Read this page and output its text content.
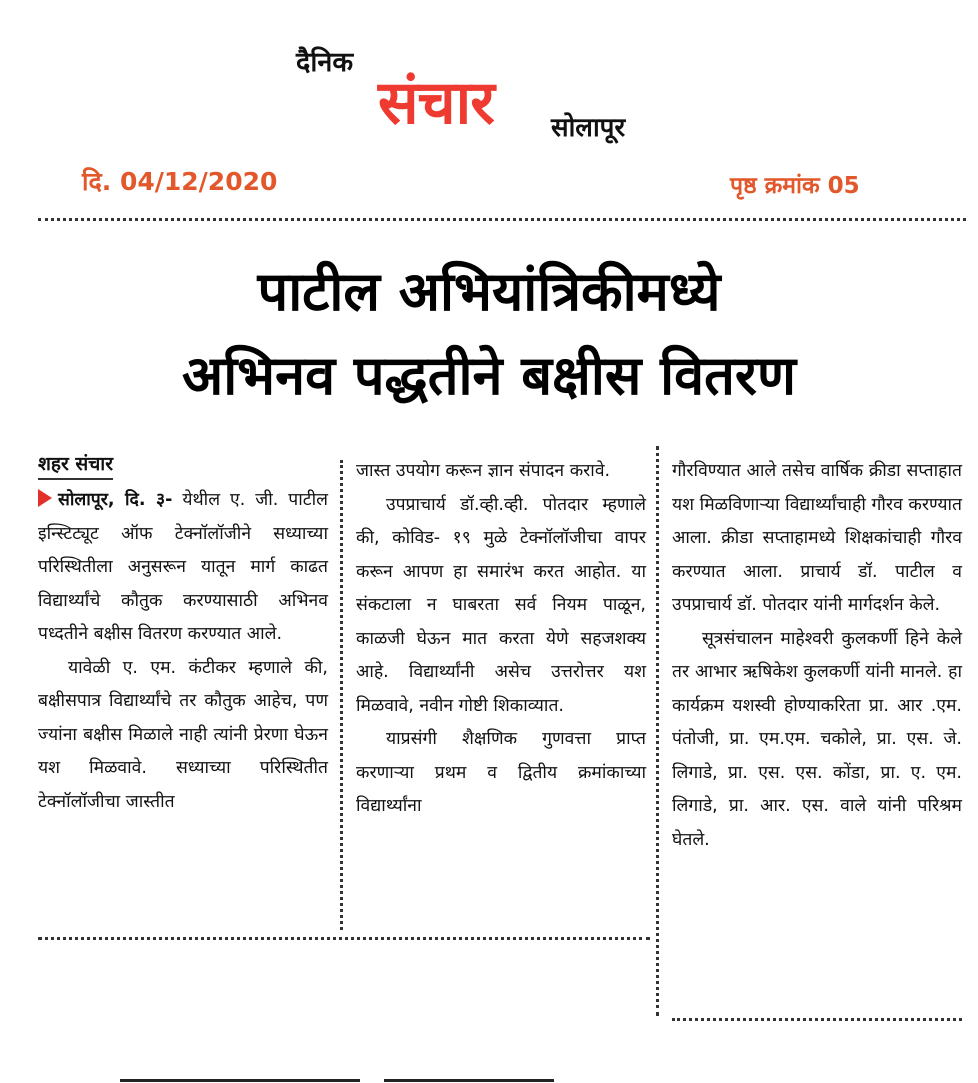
दैनिक
संचार सोलापूर
दि. 04/12/2020	पृष्ठ क्रमांक 05
पाटील अभियांत्रिकीमध्ये
अभिनव पद्धतीने बक्षीस वितरण
शहर संचार

सोलापूर, दि. ३- येथील ए. जी. पाटील इन्स्टिट्यूट ऑफ टेक्नॉलॉजीने सध्याच्या परिस्थितीला अनुसरून यातून मार्ग काढत विद्यार्थ्यांचे कौतुक करण्यासाठी अभिनव पध्दतीने बक्षीस वितरण करण्यात आले.

यावेळी ए. एम. कंटीकर म्हणाले की, बक्षीसपात्र विद्यार्थ्यांचे तर कौतुक आहेच, पण ज्यांना बक्षीस मिळाले नाही त्यांनी प्रेरणा घेऊन यश मिळवावे. सध्याच्या परिस्थितीत टेक्नॉलॉजीचा जास्तीत

जास्त उपयोग करून ज्ञान संपादन करावे.

उपप्राचार्य डॉ.व्ही.व्ही. पोतदार म्हणाले की, कोविड- १९ मुळे टेक्नॉलॉजीचा वापर करून आपण हा समारंभ करत आहोत. या संकटाला न घाबरता सर्व नियम पाळून, काळजी घेऊन मात करता येणे सहजशक्य आहे. विद्यार्थ्यांनी असेच उत्तरोत्तर यश मिळवावे, नवीन गोष्टी शिकाव्यात.

याप्रसंगी शैक्षणिक गुणवत्ता प्राप्त करणाऱ्या प्रथम व द्वितीय क्रमांकाच्या विद्यार्थ्यांना

गौरविण्यात आले तसेच वार्षिक क्रीडा सप्ताहात यश मिळविणाऱ्या विद्यार्थ्यांचाही गौरव करण्यात आला. क्रीडा सप्ताहामध्ये शिक्षकांचाही गौरव करण्यात आला. प्राचार्य डॉ. पाटील व उपप्राचार्य डॉ. पोतदार यांनी मार्गदर्शन केले.

सूत्रसंचालन माहेश्वरी कुलकर्णी हिने केले तर आभार ऋषिकेश कुलकर्णी यांनी मानले. हा कार्यक्रम यशस्वी होण्याकरिता प्रा. आर .एम. पंतोजी, प्रा. एम.एम. चकोले, प्रा. एस. जे. लिगाडे, प्रा. एस. एस. कोंडा, प्रा. ए. एम. लिगाडे, प्रा. आर. एस. वाले यांनी परिश्रम घेतले.
